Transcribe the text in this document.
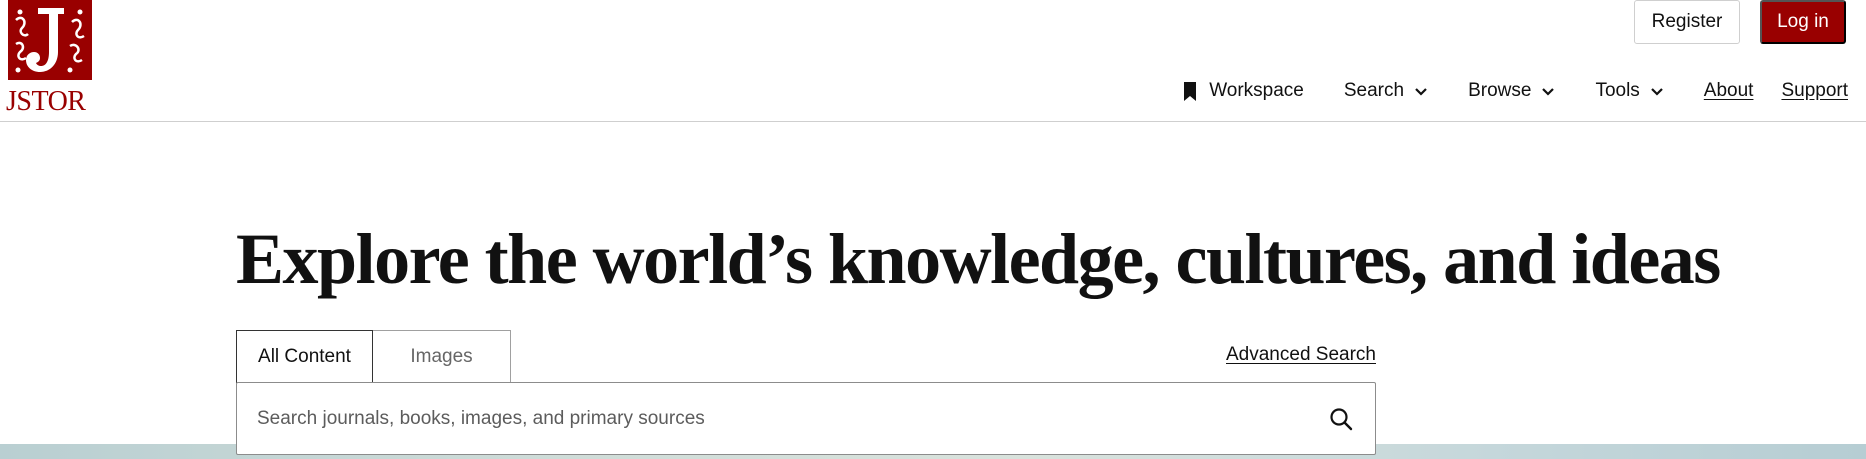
JSTOR
Register	Log in
Workspace Search	Browse	Tools	About Support
Explore the world’s knowledge, cultures, and ideas
All Content	Images	Advanced Search
Search journals, books, images, and primary sources
